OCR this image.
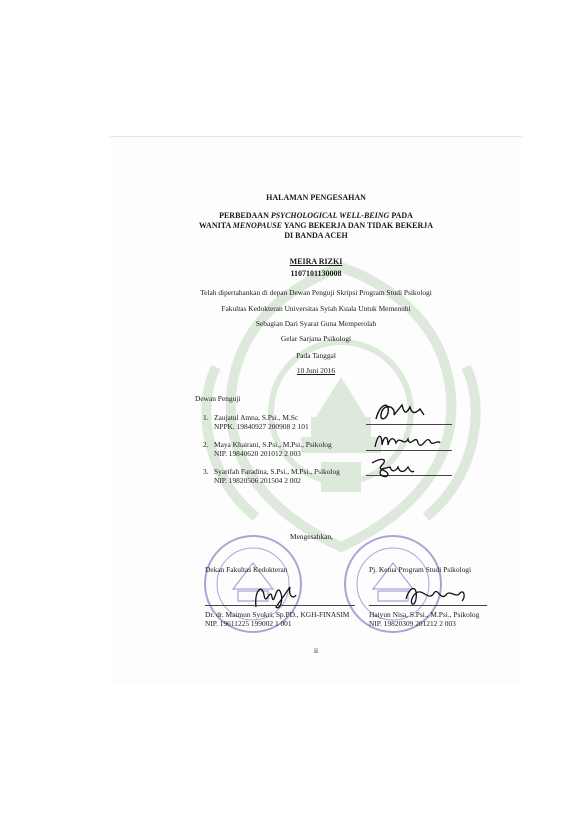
HALAMAN PENGESAHAN
PERBEDAAN PSYCHOLOGICAL WELL-BEING PADA
WANITA MENOPAUSE YANG BEKERJA DAN TIDAK BEKERJA
DI BANDA ACEH
MEIRA RIZKI
1107101130008
Telah dipertahankan di depan Dewan Penguji Skripsi Program Studi Psikologi
Fakultas Kedokteran Universitas Syiah Kuala Untuk Memenuhi
Sebagian Dari Syarat Guna Memperolah
Gelar Sarjana Psikologi
Pada Tanggal
10 Juni 2016
Dewan Penguji
1. Zaujatul Amna, S.Psi., M.Sc
NPPK. 19840927 200908 2 101
2. Maya Khairani, S.Psi., M.Psi., Psikolog
NIP. 19840620 201012 2 003
3. Syarifah Faradina, S.Psi., M.Psi., Psikolog
NIP. 19820506 201504 2 002
Mengesahkan,
Dekan Fakultas Kedokteran	Pj. Ketua Program Studi Psikologi
Dr. dr. Maimun Syukri, Sp.PD., KGH-FINASIM
NIP. 19611225 199002 1 001
Haiyun Nisa, S.Psi., M.Psi., Psikolog
NIP. 19820309 201212 2 003
ii
